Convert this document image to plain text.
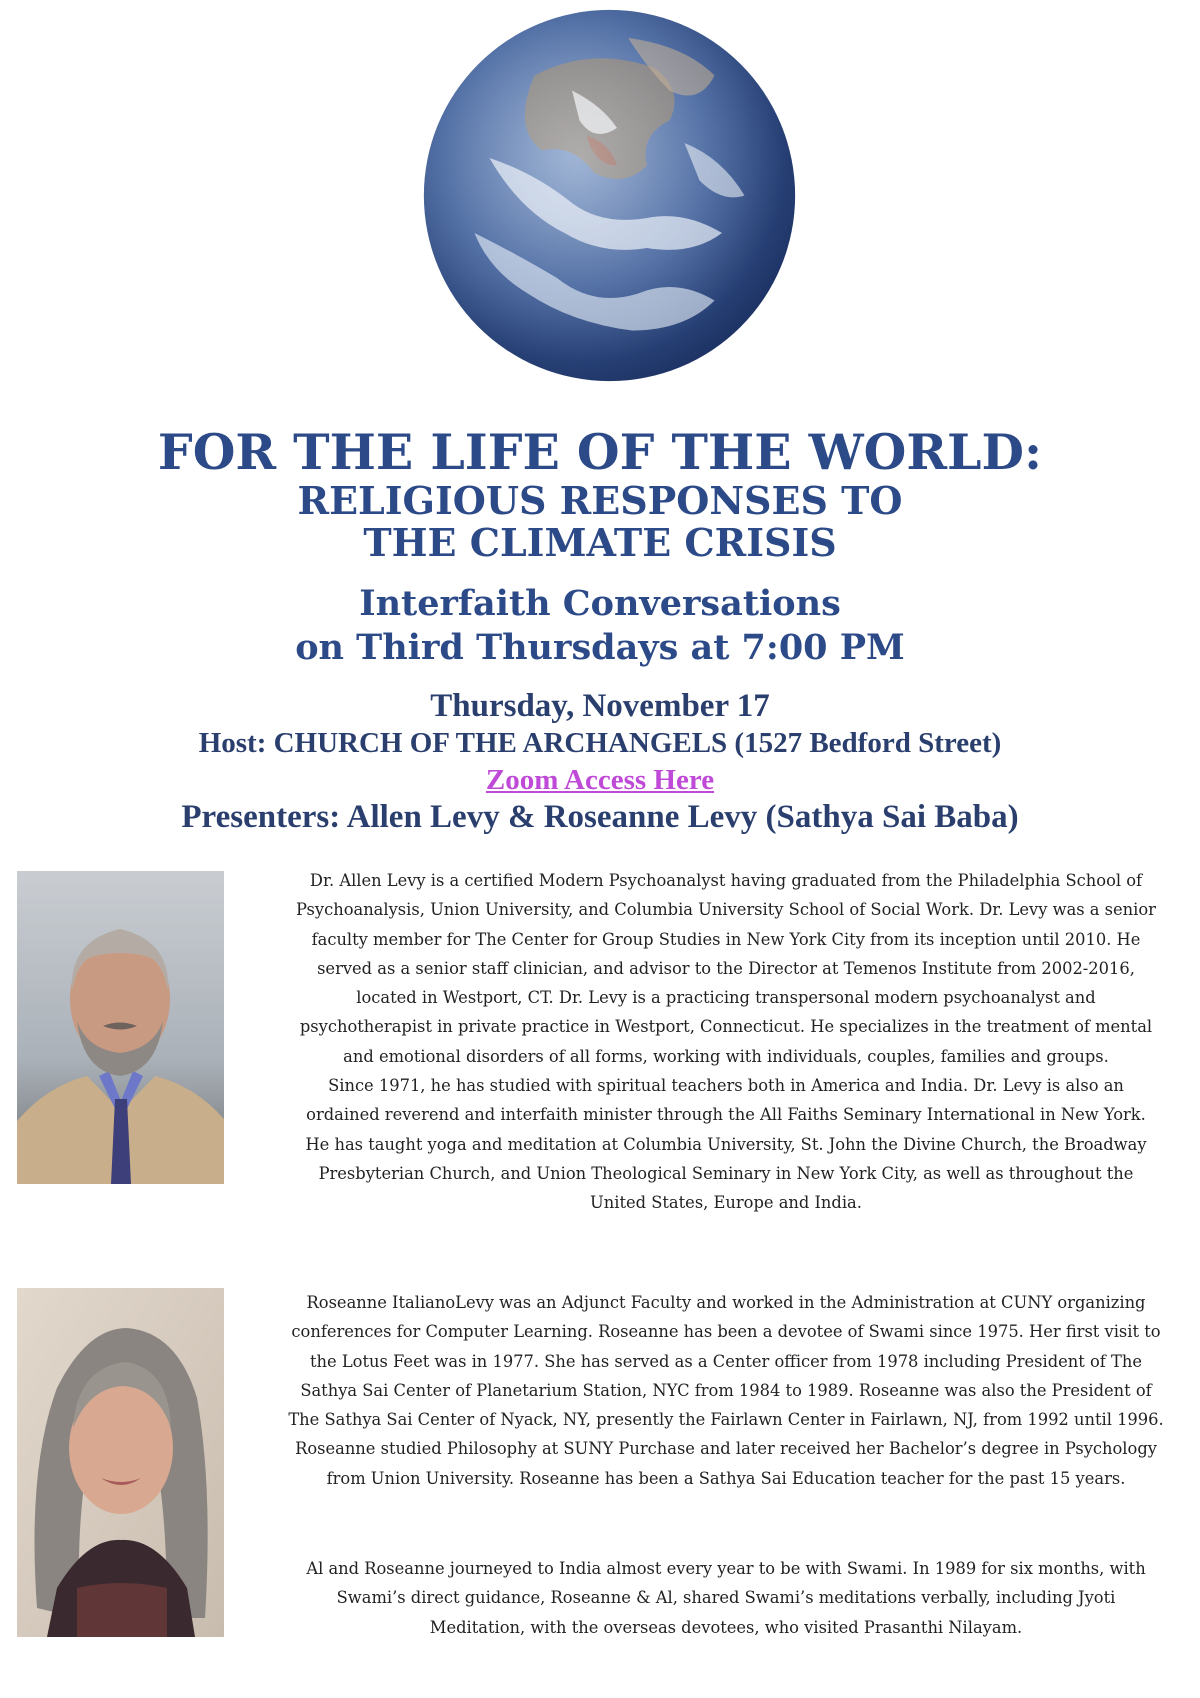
FOR THE LIFE OF THE WORLD:
RELIGIOUS RESPONSES TO
THE CLIMATE CRISIS
Interfaith Conversations
on Third Thursdays at 7:00 PM
Thursday, November 17
Host: CHURCH OF THE ARCHANGELS (1527 Bedford Street)
Zoom Access Here
Presenters: Allen Levy & Roseanne Levy (Sathya Sai Baba)
Dr. Allen Levy is a certified Modern Psychoanalyst having graduated from the Philadelphia School of
Psychoanalysis, Union University, and Columbia University School of Social Work. Dr. Levy was a senior
faculty member for The Center for Group Studies in New York City from its inception until 2010. He
served as a senior staff clinician, and advisor to the Director at Temenos Institute from 2002-2016,
located in Westport, CT. Dr. Levy is a practicing transpersonal modern psychoanalyst and
psychotherapist in private practice in Westport, Connecticut. He specializes in the treatment of mental
and emotional disorders of all forms, working with individuals, couples, families and groups.
Since 1971, he has studied with spiritual teachers both in America and India. Dr. Levy is also an
ordained reverend and interfaith minister through the All Faiths Seminary International in New York.
He has taught yoga and meditation at Columbia University, St. John the Divine Church, the Broadway
Presbyterian Church, and Union Theological Seminary in New York City, as well as throughout the
United States, Europe and India.
Roseanne ItalianoLevy was an Adjunct Faculty and worked in the Administration at CUNY organizing
conferences for Computer Learning. Roseanne has been a devotee of Swami since 1975. Her first visit to
the Lotus Feet was in 1977. She has served as a Center officer from 1978 including President of The
Sathya Sai Center of Planetarium Station, NYC from 1984 to 1989. Roseanne was also the President of
The Sathya Sai Center of Nyack, NY, presently the Fairlawn Center in Fairlawn, NJ, from 1992 until 1996.
Roseanne studied Philosophy at SUNY Purchase and later received her Bachelor’s degree in Psychology
from Union University. Roseanne has been a Sathya Sai Education teacher for the past 15 years.
Al and Roseanne journeyed to India almost every year to be with Swami. In 1989 for six months, with
Swami’s direct guidance, Roseanne & Al, shared Swami’s meditations verbally, including Jyoti
Meditation, with the overseas devotees, who visited Prasanthi Nilayam.
